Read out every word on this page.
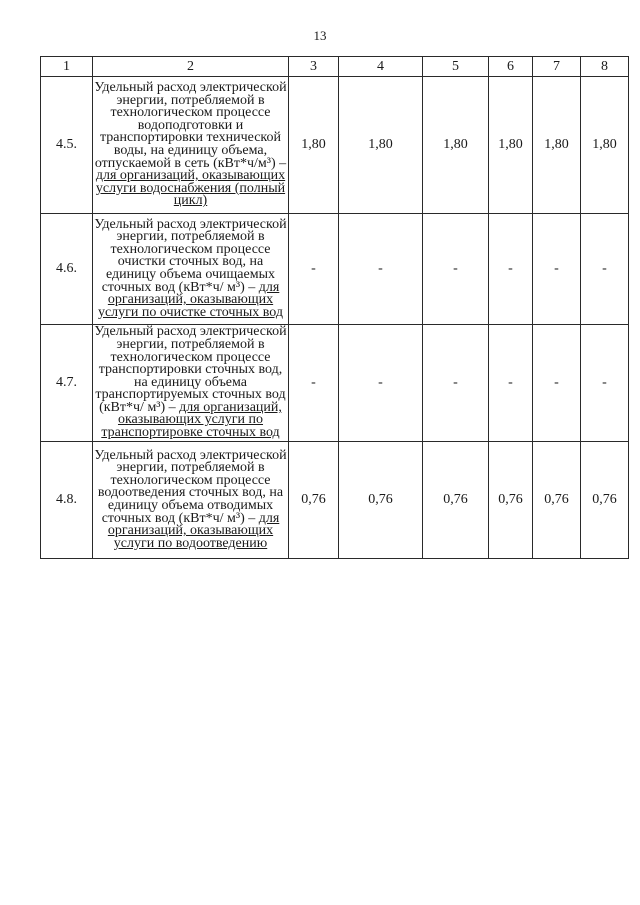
13
1	2	3	4	5	6	7	8
4.5.	Удельный расход электрической энергии, потребляемой в технологическом процессе водоподготовки и транспортировки технической воды, на единицу объема, отпускаемой в сеть (кВт*ч/м³) – для организаций, оказывающих услуги водоснабжения (полный цикл)	1,80	1,80	1,80	1,80	1,80	1,80
4.6.	Удельный расход электрической энергии, потребляемой в технологическом процессе очистки сточных вод, на единицу объема очищаемых сточных вод (кВт*ч/ м³) – для организаций, оказывающих услуги по очистке сточных вод	-	-	-	-	-	-
4.7.	Удельный расход электрической энергии, потребляемой в технологическом процессе транспортировки сточных вод, на единицу объема транспортируемых сточных вод (кВт*ч/ м³) – для организаций, оказывающих услуги по транспортировке сточных вод	-	-	-	-	-	-
4.8.	Удельный расход электрической энергии, потребляемой в технологическом процессе водоотведения сточных вод, на единицу объема отводимых сточных вод (кВт*ч/ м³) – для организаций, оказывающих услуги по водоотведению	0,76	0,76	0,76	0,76	0,76	0,76
